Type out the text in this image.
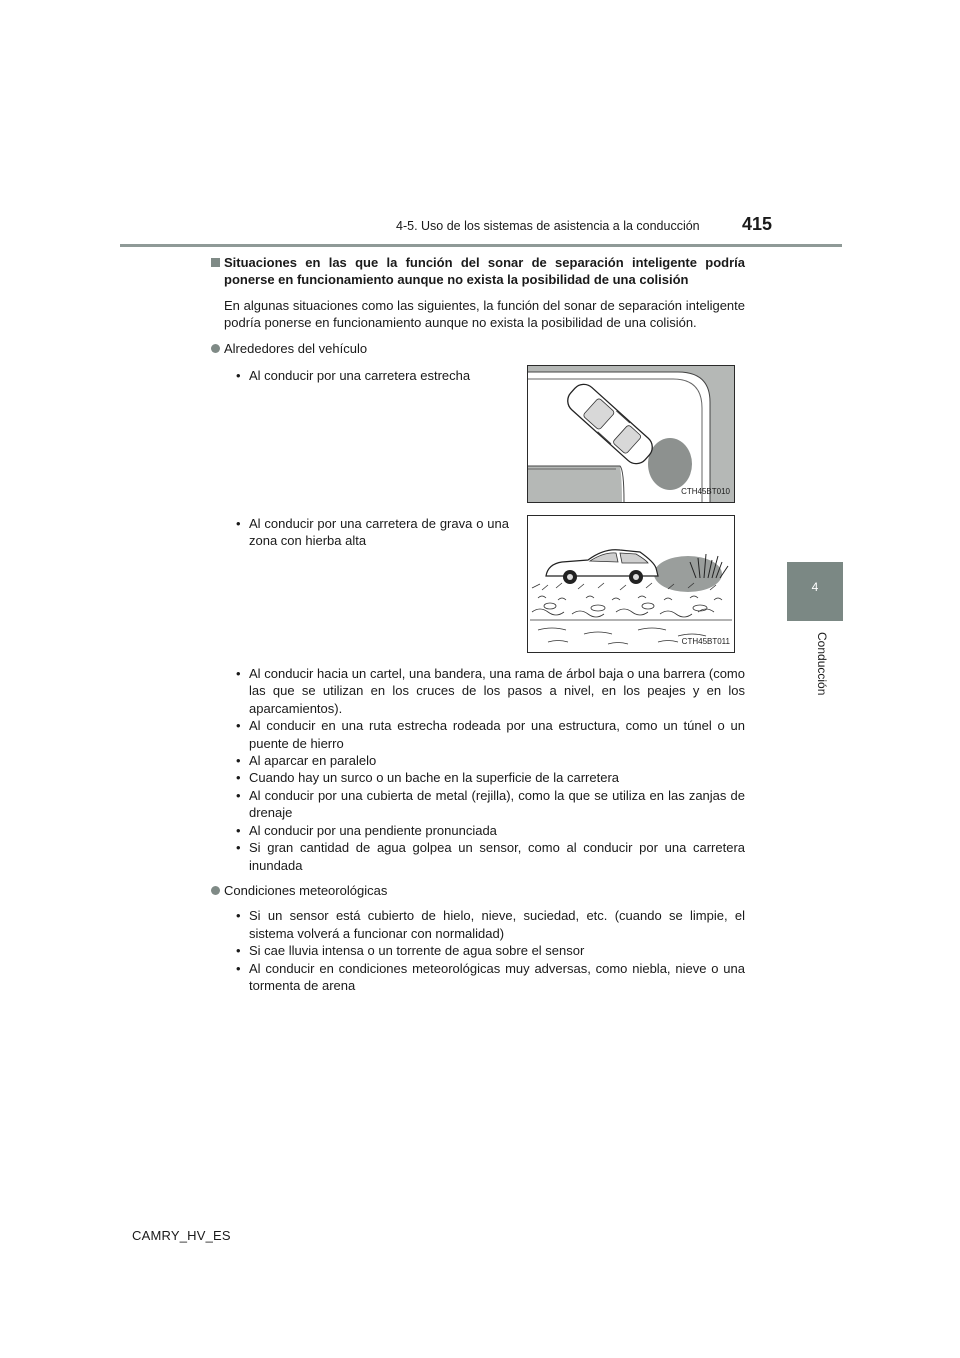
4-5. Uso de los sistemas de asistencia a la conducción 415
4
Conducción
Situaciones en las que la función del sonar de separación inteligente podría ponerse en funcionamiento aunque no exista la posibilidad de una colisión
En algunas situaciones como las siguientes, la función del sonar de separación inteligente podría ponerse en funcionamiento aunque no exista la posibilidad de una colisión.
Alrededores del vehículo
• Al conducir por una carretera estrecha
CTH45BT010
• Al conducir por una carretera de grava o una zona con hierba alta
CTH45BT011
• Al conducir hacia un cartel, una bandera, una rama de árbol baja o una barrera (como las que se utilizan en los cruces de los pasos a nivel, en los peajes y en los aparcamientos).
• Al conducir en una ruta estrecha rodeada por una estructura, como un túnel o un puente de hierro
• Al aparcar en paralelo
• Cuando hay un surco o un bache en la superficie de la carretera
• Al conducir por una cubierta de metal (rejilla), como la que se utiliza en las zanjas de drenaje
• Al conducir por una pendiente pronunciada
• Si gran cantidad de agua golpea un sensor, como al conducir por una carretera inundada
Condiciones meteorológicas
• Si un sensor está cubierto de hielo, nieve, suciedad, etc. (cuando se limpie, el sistema volverá a funcionar con normalidad)
• Si cae lluvia intensa o un torrente de agua sobre el sensor
• Al conducir en condiciones meteorológicas muy adversas, como niebla, nieve o una tormenta de arena
CAMRY_HV_ES
